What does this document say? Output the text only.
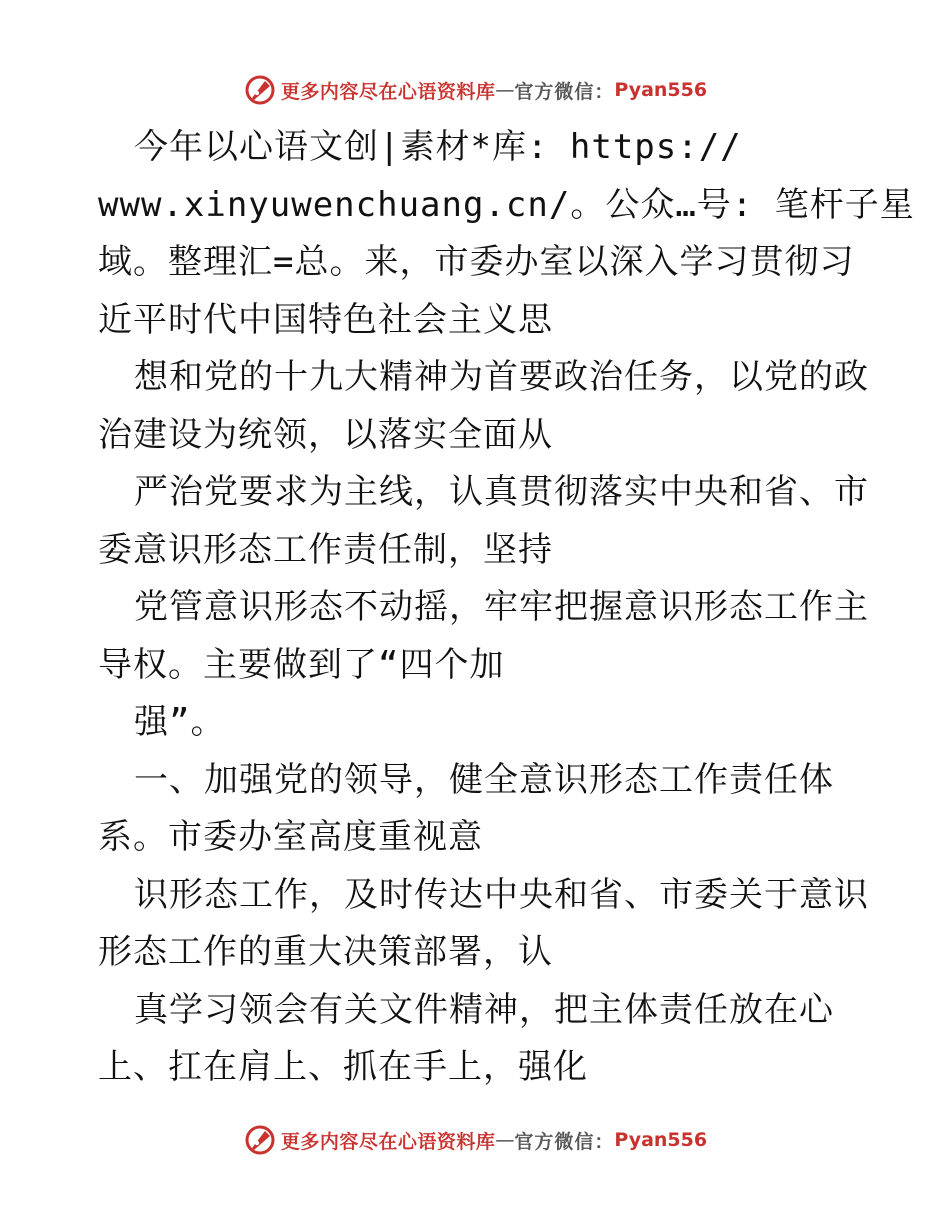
更多内容尽在心语资料库 — 官方微信： Pyan556
今年以心语文创|素材*库: https://
www.xinyuwenchuang.cn/。公众…号: 笔杆子星
域。整理汇=总。来，市委办室以深入学习贯彻习
近平时代中国特色社会主义思
想和党的十九大精神为首要政治任务，以党的政
治建设为统领，以落实全面从
严治党要求为主线，认真贯彻落实中央和省、市
委意识形态工作责任制，坚持
党管意识形态不动摇，牢牢把握意识形态工作主
导权。主要做到了“四个加
强”。
一、加强党的领导，健全意识形态工作责任体
系。市委办室高度重视意
识形态工作，及时传达中央和省、市委关于意识
形态工作的重大决策部署，认
真学习领会有关文件精神，把主体责任放在心
上、扛在肩上、抓在手上，强化
更多内容尽在心语资料库 — 官方微信： Pyan556
